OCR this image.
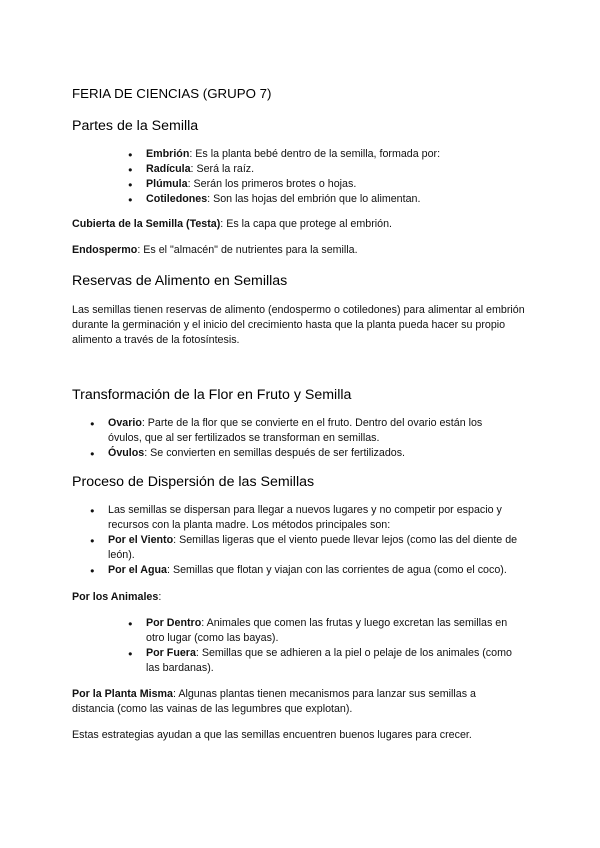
FERIA DE CIENCIAS (GRUPO 7)
Partes de la Semilla
● Embrión: Es la planta bebé dentro de la semilla, formada por:
● Radícula: Será la raíz.
● Plúmula: Serán los primeros brotes o hojas.
● Cotiledones: Son las hojas del embrión que lo alimentan.
Cubierta de la Semilla (Testa): Es la capa que protege al embrión.
Endospermo: Es el "almacén" de nutrientes para la semilla.
Reservas de Alimento en Semillas
Las semillas tienen reservas de alimento (endospermo o cotiledones) para alimentar al embrión durante la germinación y el inicio del crecimiento hasta que la planta pueda hacer su propio alimento a través de la fotosíntesis.
Transformación de la Flor en Fruto y Semilla
● Ovario: Parte de la flor que se convierte en el fruto. Dentro del ovario están los óvulos, que al ser fertilizados se transforman en semillas.
● Óvulos: Se convierten en semillas después de ser fertilizados.
Proceso de Dispersión de las Semillas
● Las semillas se dispersan para llegar a nuevos lugares y no competir por espacio y recursos con la planta madre. Los métodos principales son:
● Por el Viento: Semillas ligeras que el viento puede llevar lejos (como las del diente de león).
● Por el Agua: Semillas que flotan y viajan con las corrientes de agua (como el coco).
Por los Animales:
● Por Dentro: Animales que comen las frutas y luego excretan las semillas en otro lugar (como las bayas).
● Por Fuera: Semillas que se adhieren a la piel o pelaje de los animales (como las bardanas).
Por la Planta Misma: Algunas plantas tienen mecanismos para lanzar sus semillas a distancia (como las vainas de las legumbres que explotan).
Estas estrategias ayudan a que las semillas encuentren buenos lugares para crecer.
